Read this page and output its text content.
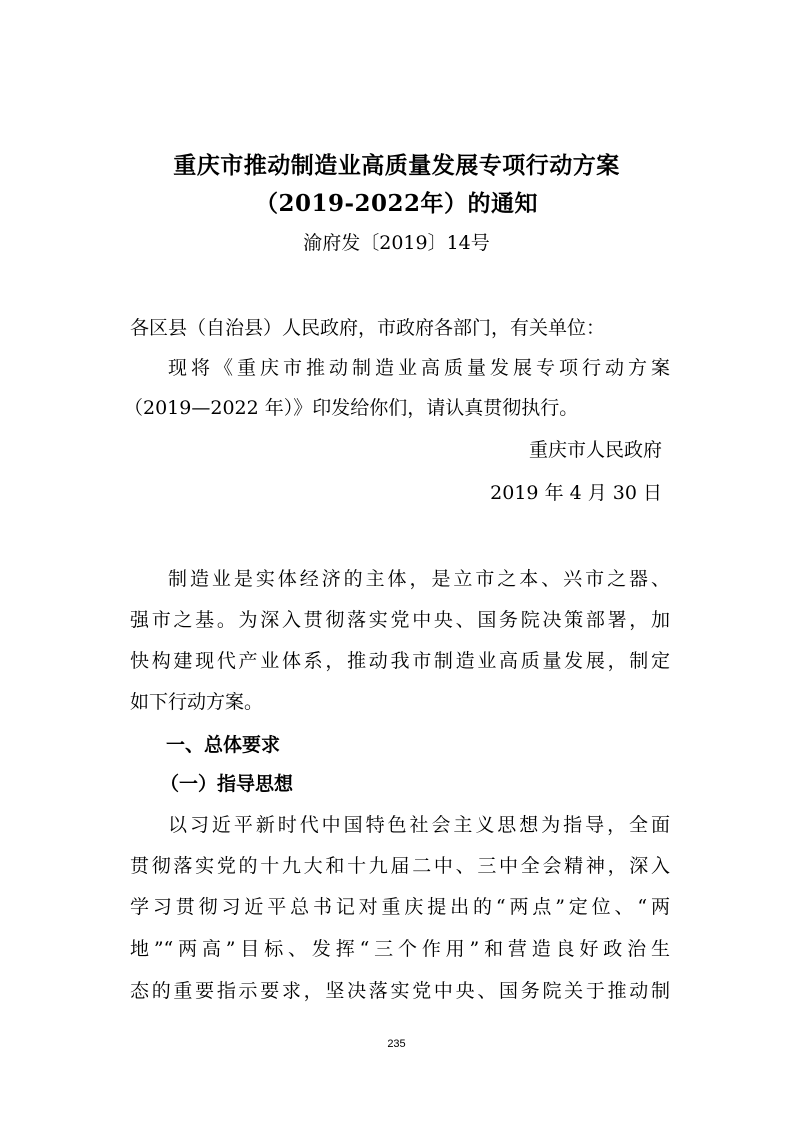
重庆市推动制造业高质量发展专项行动方案
（2019-2022年）的通知
渝府发〔2019〕14号
各区县（自治县）人民政府，市政府各部门，有关单位：
现将《重庆市推动制造业高质量发展专项行动方案
（2019—2022 年）》印发给你们，请认真贯彻执行。
重庆市人民政府
2019 年 4 月 30 日
制造业是实体经济的主体，是立市之本、兴市之器、
强市之基。为深入贯彻落实党中央、国务院决策部署，加
快构建现代产业体系，推动我市制造业高质量发展，制定
如下行动方案。
一、总体要求
（一）指导思想
以习近平新时代中国特色社会主义思想为指导，全面
贯彻落实党的十九大和十九届二中、三中全会精神，深入
学习贯彻习近平总书记对重庆提出的“两点”定位、“两
地”“两高”目标、发挥“三个作用”和营造良好政治生
态的重要指示要求，坚决落实党中央、国务院关于推动制
235
